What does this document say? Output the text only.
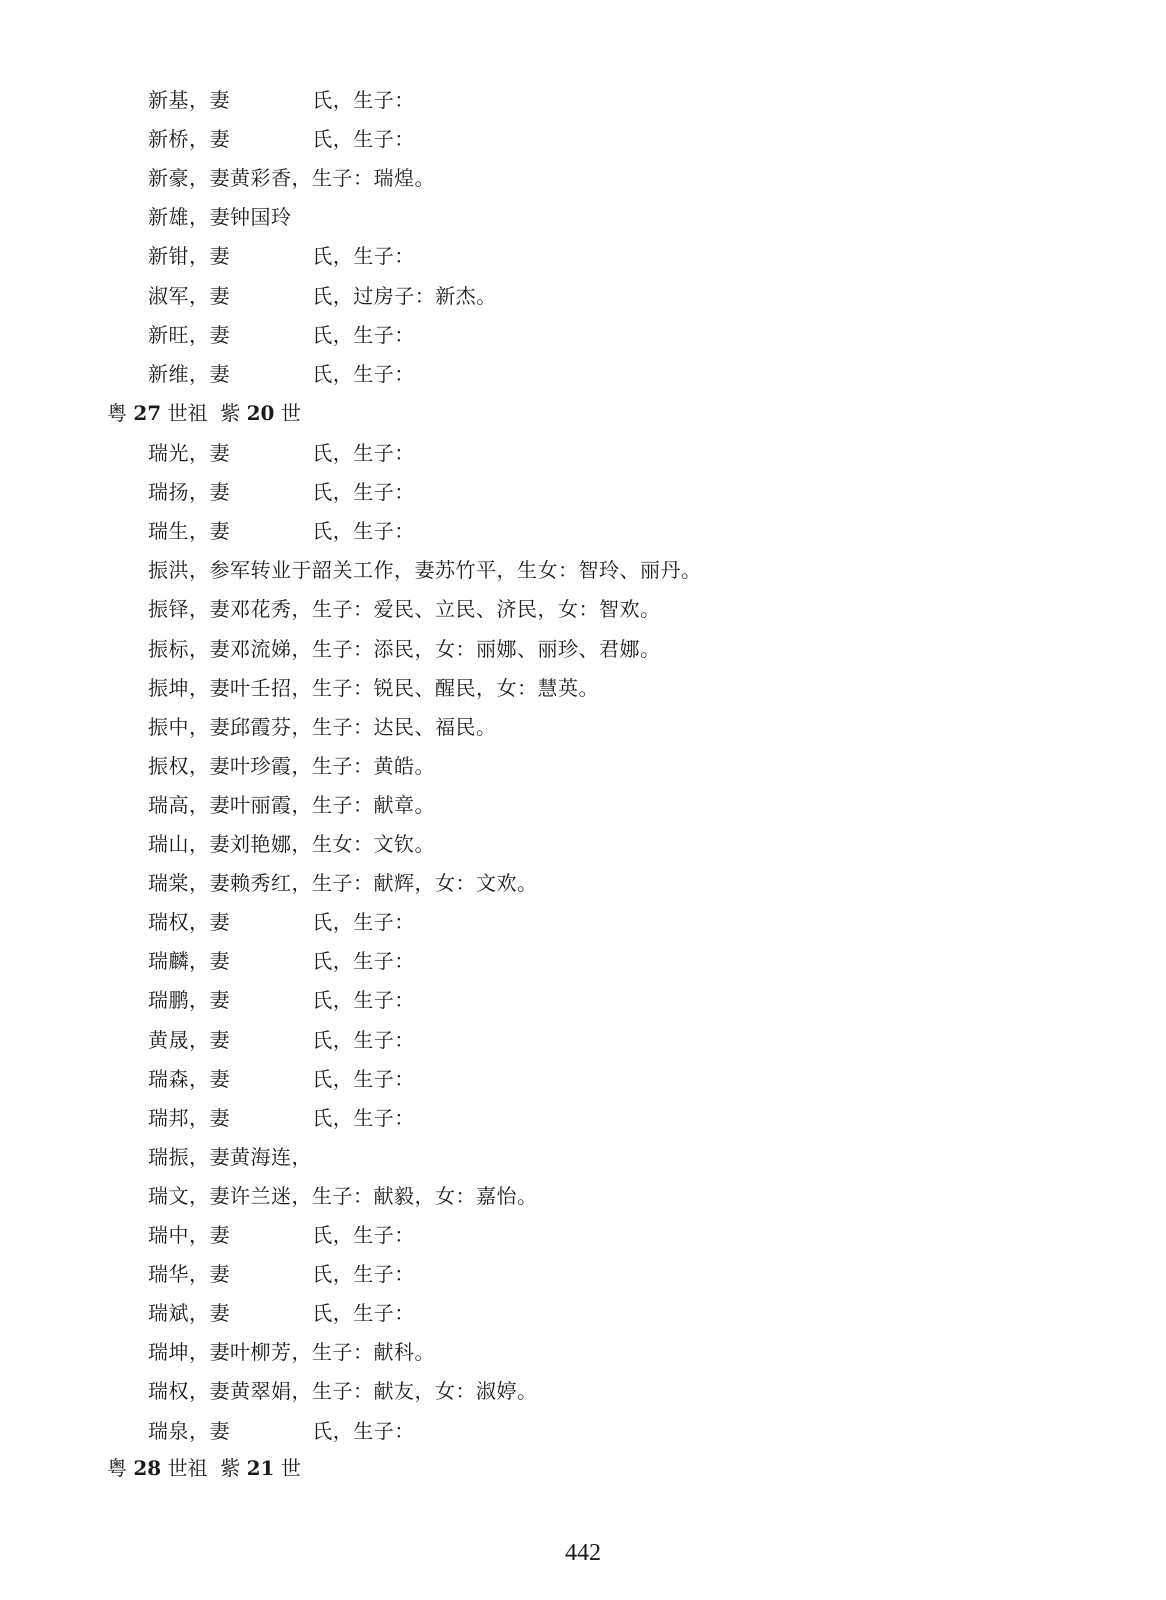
新基，妻            氏，生子：
新桥，妻            氏，生子：
新豪，妻黄彩香，生子：瑞煌。
新雄，妻钟国玲
新钳，妻            氏，生子：
淑军，妻            氏，过房子：新杰。
新旺，妻            氏，生子：
新维，妻            氏，生子：
粤 27 世祖 紫 20 世
瑞光，妻            氏，生子：
瑞扬，妻            氏，生子：
瑞生，妻            氏，生子：
振洪，参军转业于韶关工作，妻苏竹平，生女：智玲、丽丹。
振铎，妻邓花秀，生子：爱民、立民、济民，女：智欢。
振标，妻邓流娣，生子：添民，女：丽娜、丽珍、君娜。
振坤，妻叶壬招，生子：锐民、醒民，女：慧英。
振中，妻邱霞芬，生子：达民、福民。
振权，妻叶珍霞，生子：黄皓。
瑞高，妻叶丽霞，生子：献章。
瑞山，妻刘艳娜，生女：文钦。
瑞棠，妻赖秀红，生子：献辉，女：文欢。
瑞权，妻            氏，生子：
瑞麟，妻            氏，生子：
瑞鹏，妻            氏，生子：
黄晟，妻            氏，生子：
瑞森，妻            氏，生子：
瑞邦，妻            氏，生子：
瑞振，妻黄海连，
瑞文，妻许兰迷，生子：献毅，女：嘉怡。
瑞中，妻            氏，生子：
瑞华，妻            氏，生子：
瑞斌，妻            氏，生子：
瑞坤，妻叶柳芳，生子：献科。
瑞权，妻黄翠娟，生子：献友，女：淑婷。
瑞泉，妻            氏，生子：
粤 28 世祖 紫 21 世
442
